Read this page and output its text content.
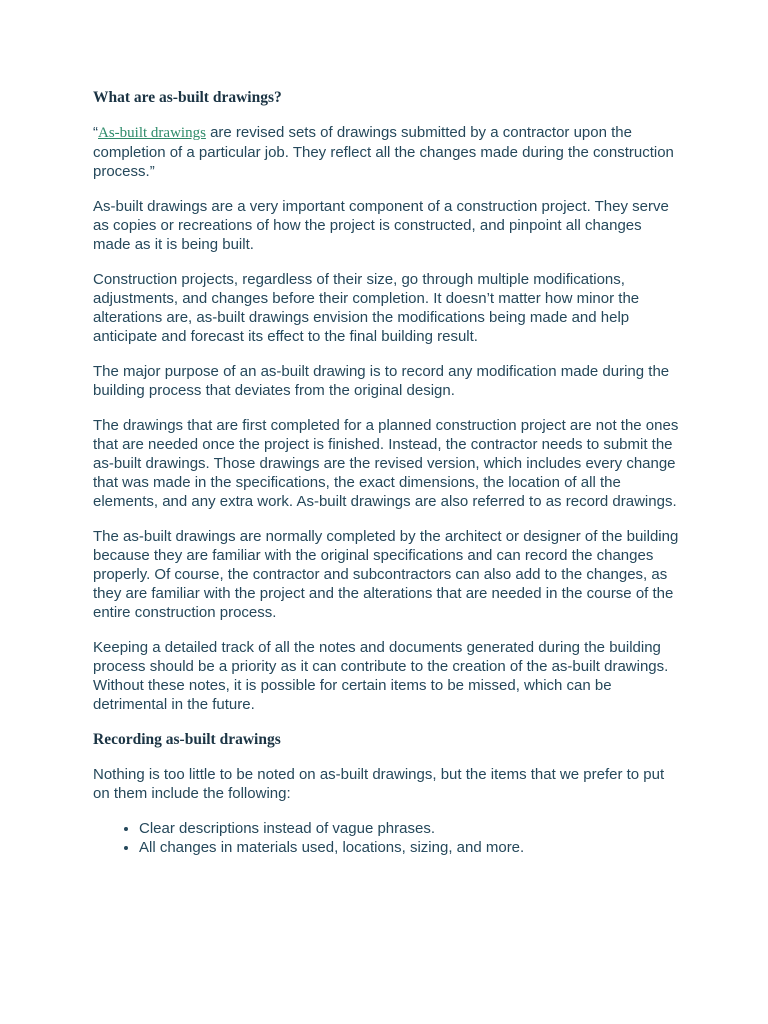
What are as-built drawings?

“As-built drawings are revised sets of drawings submitted by a contractor upon the completion of a particular job. They reflect all the changes made during the construction process.”

As-built drawings are a very important component of a construction project. They serve as copies or recreations of how the project is constructed, and pinpoint all changes made as it is being built.

Construction projects, regardless of their size, go through multiple modifications, adjustments, and changes before their completion. It doesn’t matter how minor the alterations are, as-built drawings envision the modifications being made and help anticipate and forecast its effect to the final building result.

The major purpose of an as-built drawing is to record any modification made during the building process that deviates from the original design.

The drawings that are first completed for a planned construction project are not the ones that are needed once the project is finished. Instead, the contractor needs to submit the as-built drawings. Those drawings are the revised version, which includes every change that was made in the specifications, the exact dimensions, the location of all the elements, and any extra work. As-built drawings are also referred to as record drawings.

The as-built drawings are normally completed by the architect or designer of the building because they are familiar with the original specifications and can record the changes properly. Of course, the contractor and subcontractors can also add to the changes, as they are familiar with the project and the alterations that are needed in the course of the entire construction process.

Keeping a detailed track of all the notes and documents generated during the building process should be a priority as it can contribute to the creation of the as-built drawings. Without these notes, it is possible for certain items to be missed, which can be detrimental in the future.

Recording as-built drawings

Nothing is too little to be noted on as-built drawings, but the items that we prefer to put on them include the following:

• Clear descriptions instead of vague phrases.
• All changes in materials used, locations, sizing, and more.
